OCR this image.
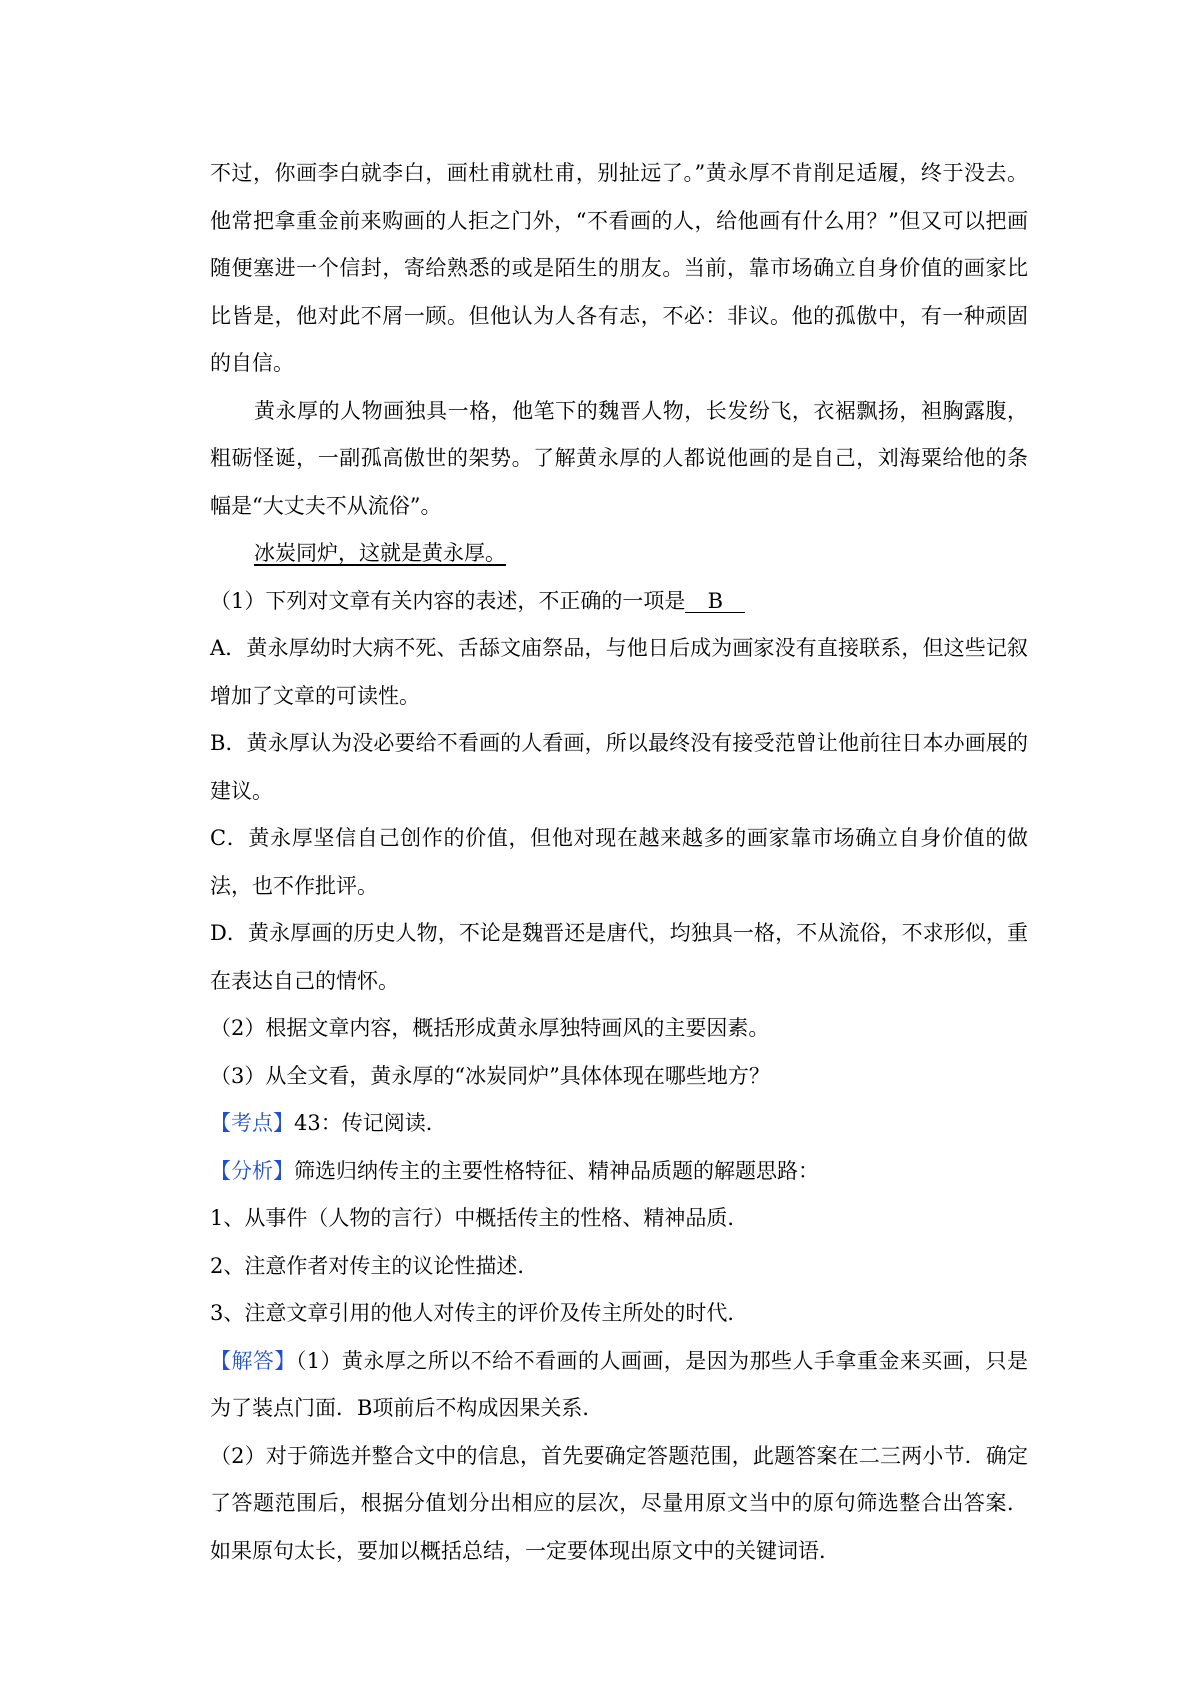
不过，你画李白就李白，画杜甫就杜甫，别扯远了。”黄永厚不肯削足适履，终于没去。他常把拿重金前来购画的人拒之门外，“不看画的人，给他画有什么用？”但又可以把画随便塞进一个信封，寄给熟悉的或是陌生的朋友。当前，靠市场确立自身价值的画家比比皆是，他对此不屑一顾。但他认为人各有志，不必：非议。他的孤傲中，有一种顽固的自信。

黄永厚的人物画独具一格，他笔下的魏晋人物，长发纷飞，衣裾飘扬，袒胸露腹，粗砺怪诞，一副孤高傲世的架势。了解黄永厚的人都说他画的是自己，刘海粟给他的条幅是“大丈夫不从流俗”。

冰炭同炉，这就是黄永厚。

（1）下列对文章有关内容的表述，不正确的一项是 B

A．黄永厚幼时大病不死、舌舔文庙祭品，与他日后成为画家没有直接联系，但这些记叙增加了文章的可读性。

B．黄永厚认为没必要给不看画的人看画，所以最终没有接受范曾让他前往日本办画展的建议。

C．黄永厚坚信自己创作的价值，但他对现在越来越多的画家靠市场确立自身价值的做法，也不作批评。

D．黄永厚画的历史人物，不论是魏晋还是唐代，均独具一格，不从流俗，不求形似，重在表达自己的情怀。

（2）根据文章内容，概括形成黄永厚独特画风的主要因素。

（3）从全文看，黄永厚的“冰炭同炉”具体体现在哪些地方？

【考点】43：传记阅读．

【分析】筛选归纳传主的主要性格特征、精神品质题的解题思路：

1、从事件（人物的言行）中概括传主的性格、精神品质．

2、注意作者对传主的议论性描述．

3、注意文章引用的他人对传主的评价及传主所处的时代．

【解答】（1）黄永厚之所以不给不看画的人画画，是因为那些人手拿重金来买画，只是为了装点门面．B项前后不构成因果关系．

（2）对于筛选并整合文中的信息，首先要确定答题范围，此题答案在二三两小节．确定了答题范围后，根据分值划分出相应的层次，尽量用原文当中的原句筛选整合出答案．如果原句太长，要加以概括总结，一定要体现出原文中的关键词语．
